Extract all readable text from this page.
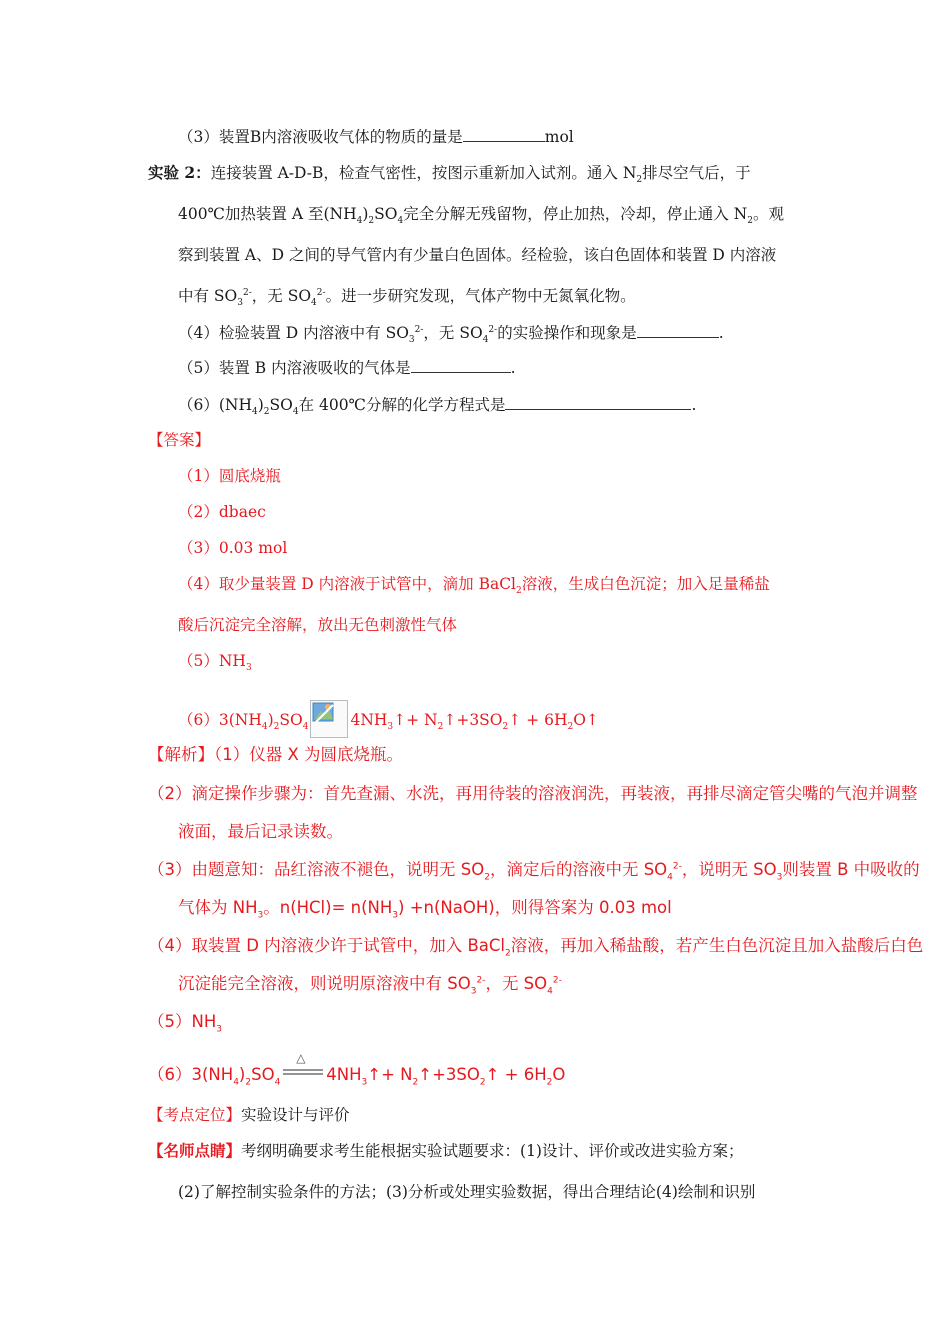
（3）装置B内溶液吸收气体的物质的量是	mol
实验 2：连接装置 A-D-B，检查气密性，按图示重新加入试剂。通入 $N_2$排尽空气后，于
400℃加热装置 A 至$(NH_4)_2SO_4$完全分解无残留物，停止加热，冷却，停止通入 $N_2$。观
察到装置 A、D 之间的导气管内有少量白色固体。经检验，该白色固体和装置 D 内溶液
中有 $SO_3^{2-}$，无 $SO_4^{2-}$。进一步研究发现，气体产物中无氮氧化物。
（4）检验装置 D 内溶液中有 $SO_3^{2-}$，无 $SO_4^{2-}$的实验操作和现象是	.
（5）装置 B 内溶液吸收的气体是	.
$(6)(NH_4)_2SO_4$在 400℃分解的化学方程式是	.
【答案】
（1）圆底烧瓶
（2）dbaec
（3）0.03 mol
（4）取少量装置 D 内溶液于试管中，滴加 BaCl$_2$溶液，生成白色沉淀；加入足量稀盐
酸后沉淀完全溶解，放出无色刺激性气体
$(5)NH_3$
$(6)3(NH_4)_2SO_4$	$4NH_3↑+$ $N_2↑+3SO_2↑$ + $6H_2O↑$
【解析】（1）仪器 X 为圆底烧瓶。
（2）滴定操作步骤为：首先查漏、水洗，再用待装的溶液润洗，再装液，再排尽滴定管尖嘴的气泡并调整
液面，最后记录读数。
（3）由题意知：品红溶液不褪色，说明无 $SO_2$，滴定后的溶液中无 $SO_4^{2-}$，说明无 $SO_3$则装置 B 中吸收的
气体为 $NH_3$。$n(HCl)= n(NH_3)$ +n(NaOH)，则得答案为 0.03 mol
（4）取装置 D 内溶液少许于试管中，加入 BaCl$_2$溶液，再加入稀盐酸，若产生白色沉淀且加入盐酸后白色
沉淀能完全溶液，则说明原溶液中有 $SO_3^{2-}$，无 $SO_4^{2-}$
$(5)NH_3$
$(6)3(NH_4)_2SO_4$
△
$4NH_3↑+$ $N_2↑+3SO_2↑ + 6H_2O$
【考点定位】实验设计与评价
【名师点睛】考纲明确要求考生能根据实验试题要求：(1)设计、评价或改进实验方案；
(2)了解控制实验条件的方法；(3)分析或处理实验数据，得出合理结论(4)绘制和识别
